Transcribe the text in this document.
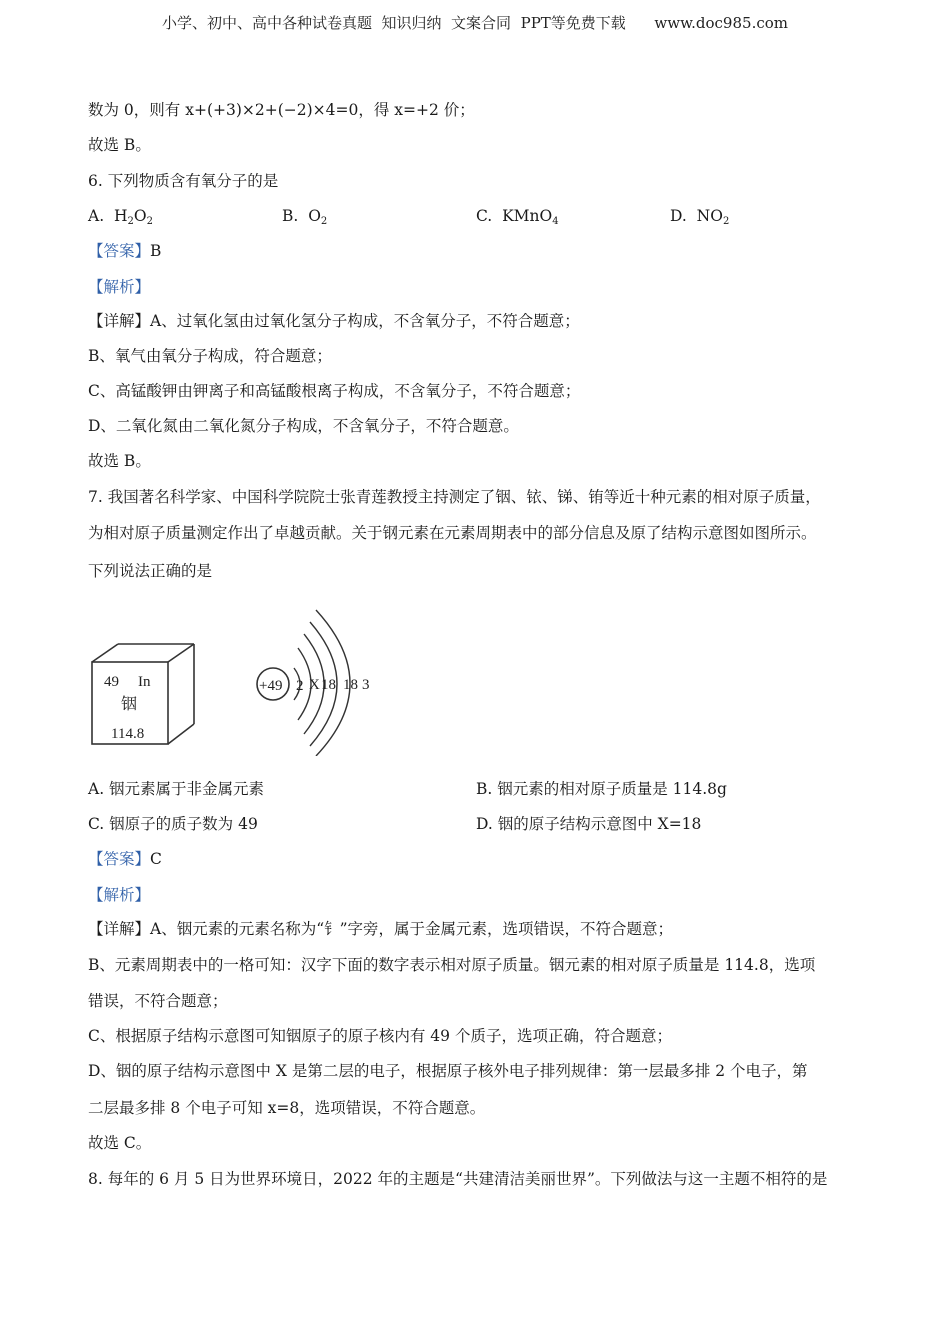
小学、初中、高中各种试卷真题  知识归纳  文案合同  PPT等免费下载      www.doc985.com
数为 0，则有 x+(+3)×2+(−2)×4=0，得 x=+2 价；
故选 B。
6. 下列物质含有氧分子的是
A. $H_2O_2$	B. $O_2$	C. KMnO$_4$	D. $NO_2$
【答案】B
【解析】
【详解】A、过氧化氢由过氧化氢分子构成，不含氧分子，不符合题意；
B、氧气由氧分子构成，符合题意；
C、高锰酸钾由钾离子和高锰酸根离子构成，不含氧分子，不符合题意；
D、二氧化氮由二氧化氮分子构成，不含氧分子，不符合题意。
故选 B。
7. 我国著名科学家、中国科学院院士张青莲教授主持测定了铟、铱、锑、铕等近十种元素的相对原子质量，
为相对原子质量测定作出了卓越贡献。关于钢元素在元素周期表中的部分信息及原了结构示意图如图所示。
下列说法正确的是
49 In
铟
114.8
+49 2 X 18 18 3
A. 铟元素属于非金属元素	B. 铟元素的相对原子质量是 114.8g
C. 铟原子的质子数为 49	D. 铟的原子结构示意图中 X=18
【答案】C
【解析】
【详解】A、铟元素的元素名称为“钅”字旁，属于金属元素，选项错误，不符合题意；
B、元素周期表中的一格可知：汉字下面的数字表示相对原子质量。铟元素的相对原子质量是 114.8，选项
错误，不符合题意；
C、根据原子结构示意图可知铟原子的原子核内有 49 个质子，选项正确，符合题意；
D、铟的原子结构示意图中 X 是第二层的电子，根据原子核外电子排列规律：第一层最多排 2 个电子，第
二层最多排 8 个电子可知 x=8，选项错误，不符合题意。
故选 C。
8. 每年的 6 月 5 日为世界环境日，2022 年的主题是“共建清洁美丽世界”。下列做法与这一主题不相符的是
